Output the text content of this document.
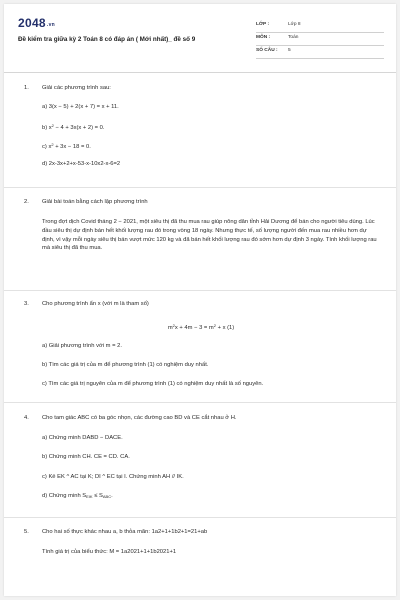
2048.vn
Đề kiểm tra giữa kỳ 2 Toán 8 có đáp án ( Mới nhất)_ đề số 9
LỚP :	Lớp 8
MÔN :	Toán
SỐ CÂU : 5
1. Giải các phương trình sau:
a) 3(x − 5) + 2(x + 7) = x + 11.
b) $x^2 - 4 + 3x(x + 2) = 0$.
c) $x^2 + 3x - 18 = 0$.
d) 2x-3x+2+x-53-x-10x2-x-6=2
2. Giải bài toán bằng cách lập phương trình
Trong đợt dịch Covid tháng 2 − 2021, một siêu thị đã thu mua rau giúp nông dân tỉnh Hải Dương để bán cho người tiêu dùng. Lúc đầu siêu thị dự định bán hết khối lượng rau đó trong vòng 18 ngày. Nhưng thực tế, số lượng người đến mua rau nhiều hơn dự định, vì vậy mỗi ngày siêu thị bán vượt mức 120 kg và đã bán hết khối lượng rau đó sớm hơn dự định 3 ngày. Tính khối lượng rau mà siêu thị đã thu mua.
3. Cho phương trình ẩn x (với m là tham số)
$m^2x + 4m - 3 = m^2 + x$ (1)
a) Giải phương trình với m = 2.
b) Tìm các giá trị của m để phương trình (1) có nghiệm duy nhất.
c) Tìm các giá trị nguyên của m để phương trình (1) có nghiệm duy nhất là số nguyên.
4. Cho tam giác ABC có ba góc nhọn, các đường cao BD và CE cắt nhau ở H.
a) Chứng minh DABD − DACE.
b) Chứng minh CH. CE = CD. CA.
c) Kẻ EK ^ AC tại K; DI ^ EC tại I. Chứng minh AH // IK.
d) Chứng minh $S_{EIK} \le S_{ABC}$.
5. Cho hai số thực khác nhau a, b thỏa mãn: 1a2+1+1b2+1=21+ab
Tính giá trị của biểu thức: M = 1a2021+1+1b2021+1
